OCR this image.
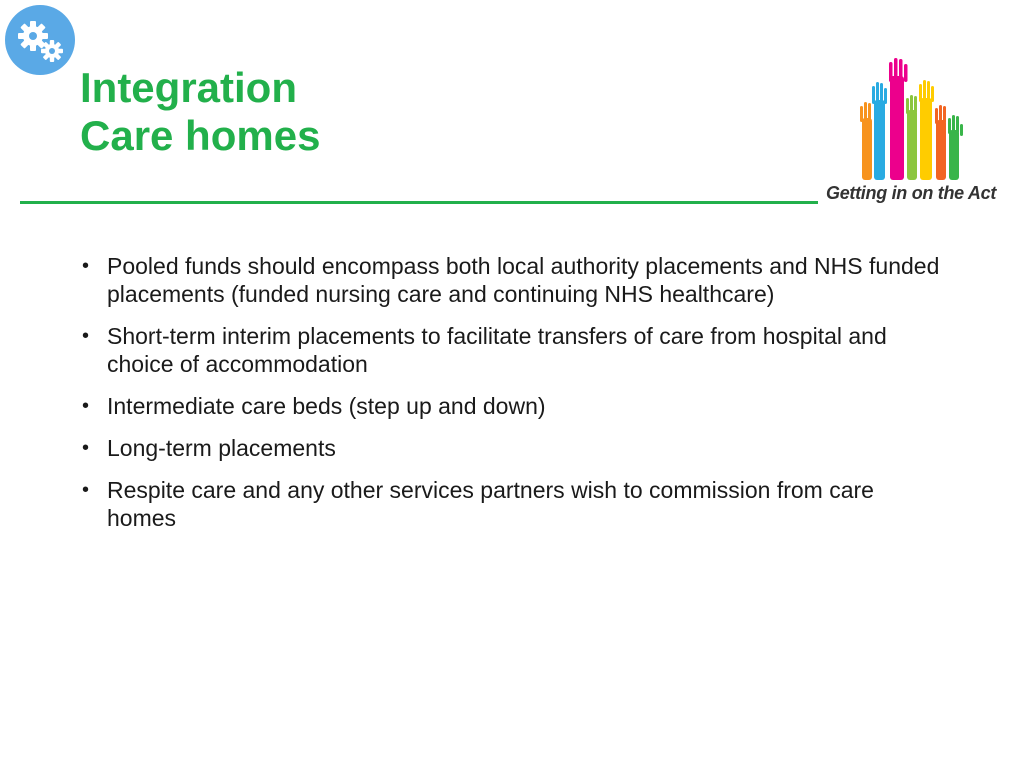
Integration
Care homes
Getting in on the Act
• Pooled funds should encompass both local authority placements and NHS funded placements (funded nursing care and continuing NHS healthcare)
• Short-term interim placements to facilitate transfers of care from hospital and choice of accommodation
• Intermediate care beds (step up and down)
• Long-term placements
• Respite care and any other services partners wish to commission from care homes
